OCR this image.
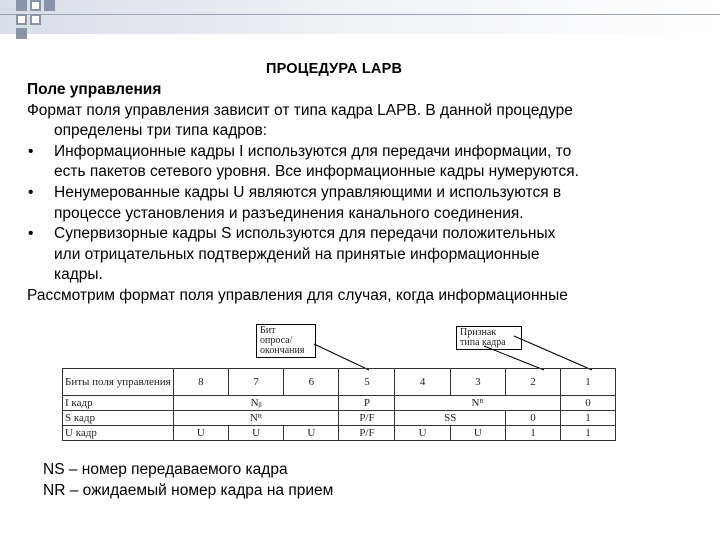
ПРОЦЕДУРА LAPB

Поле управления

Формат поля управления зависит от типа кадра LAPB. В данной процедуре

определены три типа кадров:

• Информационные кадры I используются для передачи информации, то
есть пакетов сетевого уровня. Все информационные кадры нумеруются.
• Ненумерованные кадры U являются управляющими и используются в
процессе установления и разъединения канального соединения.
• Супервизорные кадры S используются для передачи положительных
или отрицательных подтверждений на принятые информационные
кадры.

Рассмотрим формат поля управления для случая, когда информационные

Бит
опроса/
окончания
Признак
типа кадра
Биты поля управления	8	7	6	5	4	3	2	1
I кадр	Nᵦ			P	Nᴿ			0
S кадр	Nᴿ			P/F	SS		0	1
U кадр	U	U	U	P/F	U	U	1	1
NS – номер передаваемого кадра
NR – ожидаемый номер кадра на прием
